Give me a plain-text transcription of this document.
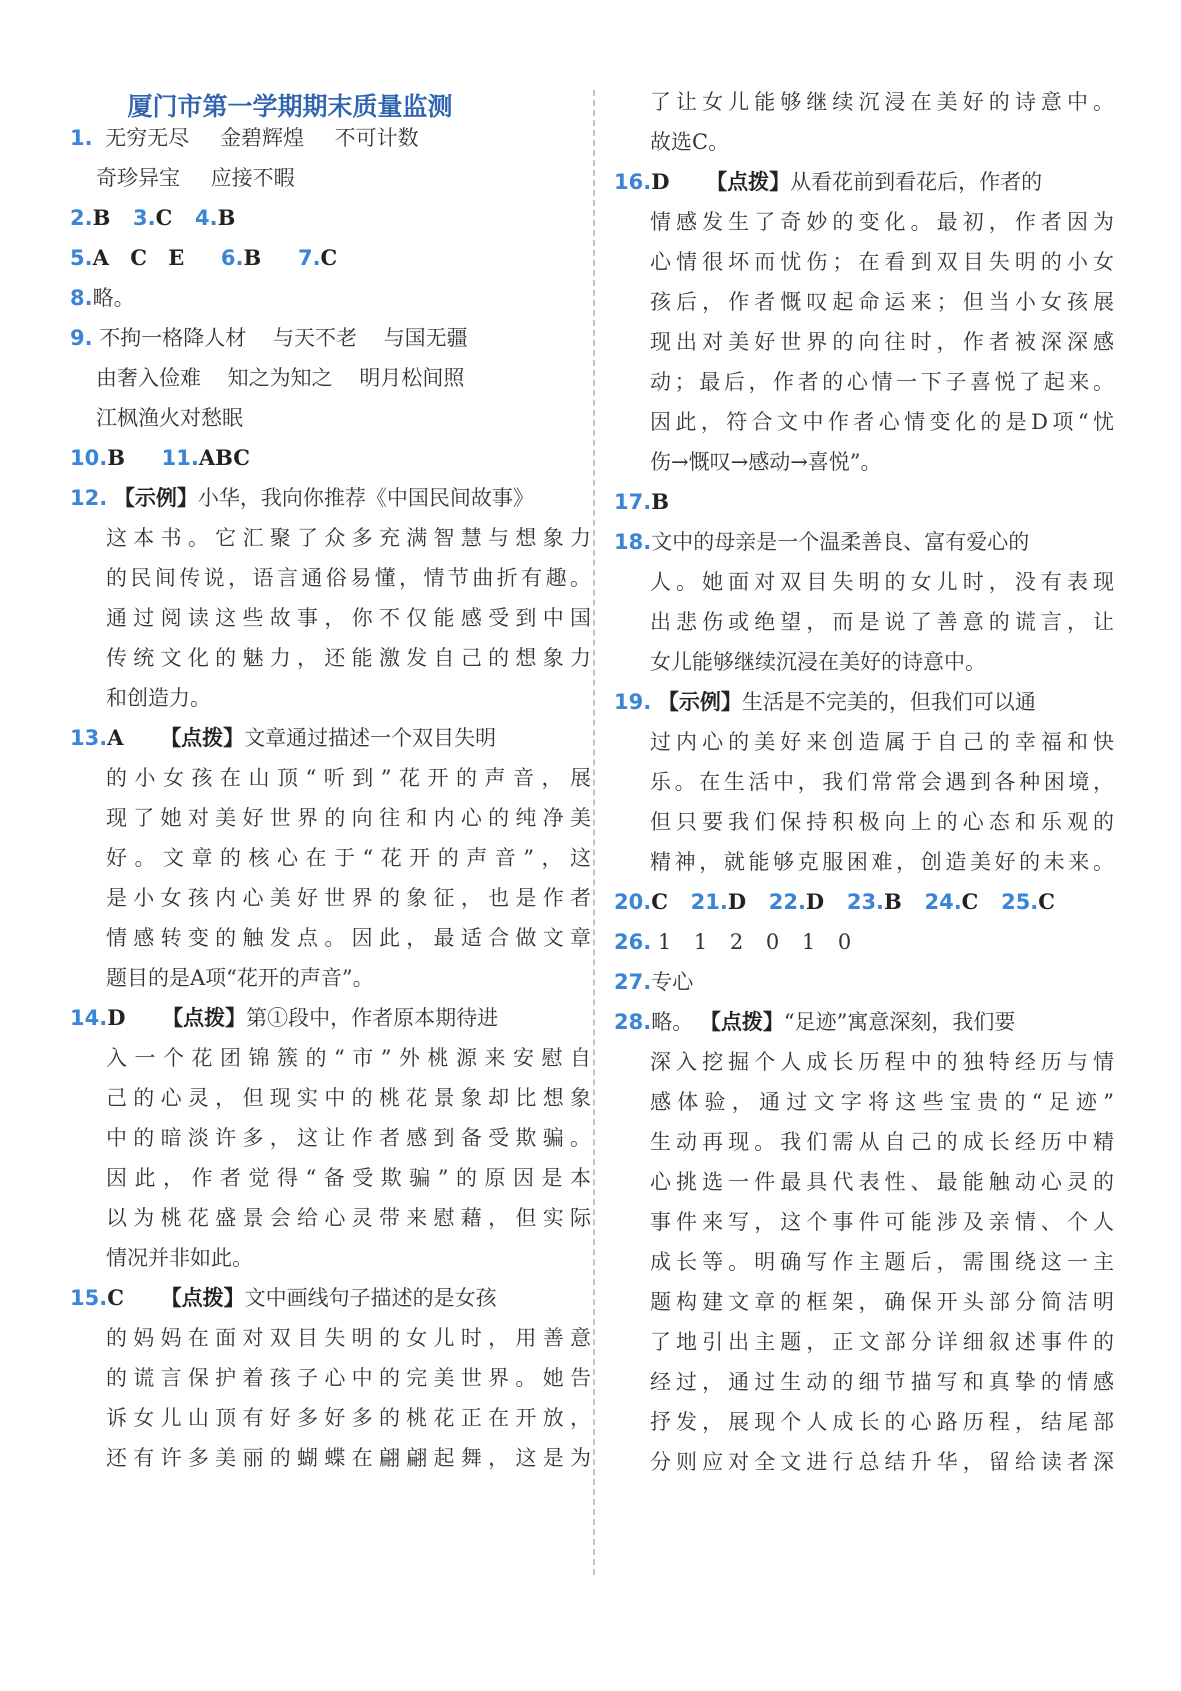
厦门市第一学期期末质量监测
1. 无穷无尽 金碧辉煌 不可计数
奇珍异宝 应接不暇
2.B 3.C 4.B
5.A C E 6.B 7.C
8.略。
9. 不拘一格降人材 与天不老 与国无疆
由奢入俭难 知之为知之 明月松间照
江枫渔火对愁眠
10.B 11.ABC
12. 【示例】小华，我向你推荐《中国民间故事》
这本书。它汇聚了众多充满智慧与想象力
的民间传说，语言通俗易懂，情节曲折有趣。
通过阅读这些故事，你不仅能感受到中国
传统文化的魅力，还能激发自己的想象力
和创造力。
13.A 【点拨】文章通过描述一个双目失明
的小女孩在山顶“听到”花开的声音，展
现了她对美好世界的向往和内心的纯净美
好。文章的核心在于“花开的声音”，这
是小女孩内心美好世界的象征，也是作者
情感转变的触发点。因此，最适合做文章
题目的是A项“花开的声音”。
14.D 【点拨】第①段中，作者原本期待进
入一个花团锦簇的“市”外桃源来安慰自
己的心灵，但现实中的桃花景象却比想象
中的暗淡许多，这让作者感到备受欺骗。
因此，作者觉得“备受欺骗”的原因是本
以为桃花盛景会给心灵带来慰藉，但实际
情况并非如此。
15.C 【点拨】文中画线句子描述的是女孩
的妈妈在面对双目失明的女儿时，用善意
的谎言保护着孩子心中的完美世界。她告
诉女儿山顶有好多好多的桃花正在开放，
还有许多美丽的蝴蝶在翩翩起舞，这是为
了让女儿能够继续沉浸在美好的诗意中。
故选C。
16.D 【点拨】从看花前到看花后，作者的
情感发生了奇妙的变化。最初，作者因为
心情很坏而忧伤；在看到双目失明的小女
孩后，作者慨叹起命运来；但当小女孩展
现出对美好世界的向往时，作者被深深感
动；最后，作者的心情一下子喜悦了起来。
因此，符合文中作者心情变化的是D项“忧
伤→慨叹→感动→喜悦”。
17.B
18.文中的母亲是一个温柔善良、富有爱心的
人。她面对双目失明的女儿时，没有表现
出悲伤或绝望，而是说了善意的谎言，让
女儿能够继续沉浸在美好的诗意中。
19. 【示例】生活是不完美的，但我们可以通
过内心的美好来创造属于自己的幸福和快
乐。在生活中，我们常常会遇到各种困境，
但只要我们保持积极向上的心态和乐观的
精神，就能够克服困难，创造美好的未来。
20.C 21.D 22.D 23.B 24.C 25.C
26. 1 1 2 0 1 0
27.专心
28.略。 【点拨】“足迹”寓意深刻，我们要
深入挖掘个人成长历程中的独特经历与情
感体验，通过文字将这些宝贵的“足迹”
生动再现。我们需从自己的成长经历中精
心挑选一件最具代表性、最能触动心灵的
事件来写，这个事件可能涉及亲情、个人
成长等。明确写作主题后，需围绕这一主
题构建文章的框架，确保开头部分简洁明
了地引出主题，正文部分详细叙述事件的
经过，通过生动的细节描写和真挚的情感
抒发，展现个人成长的心路历程，结尾部
分则应对全文进行总结升华，留给读者深
